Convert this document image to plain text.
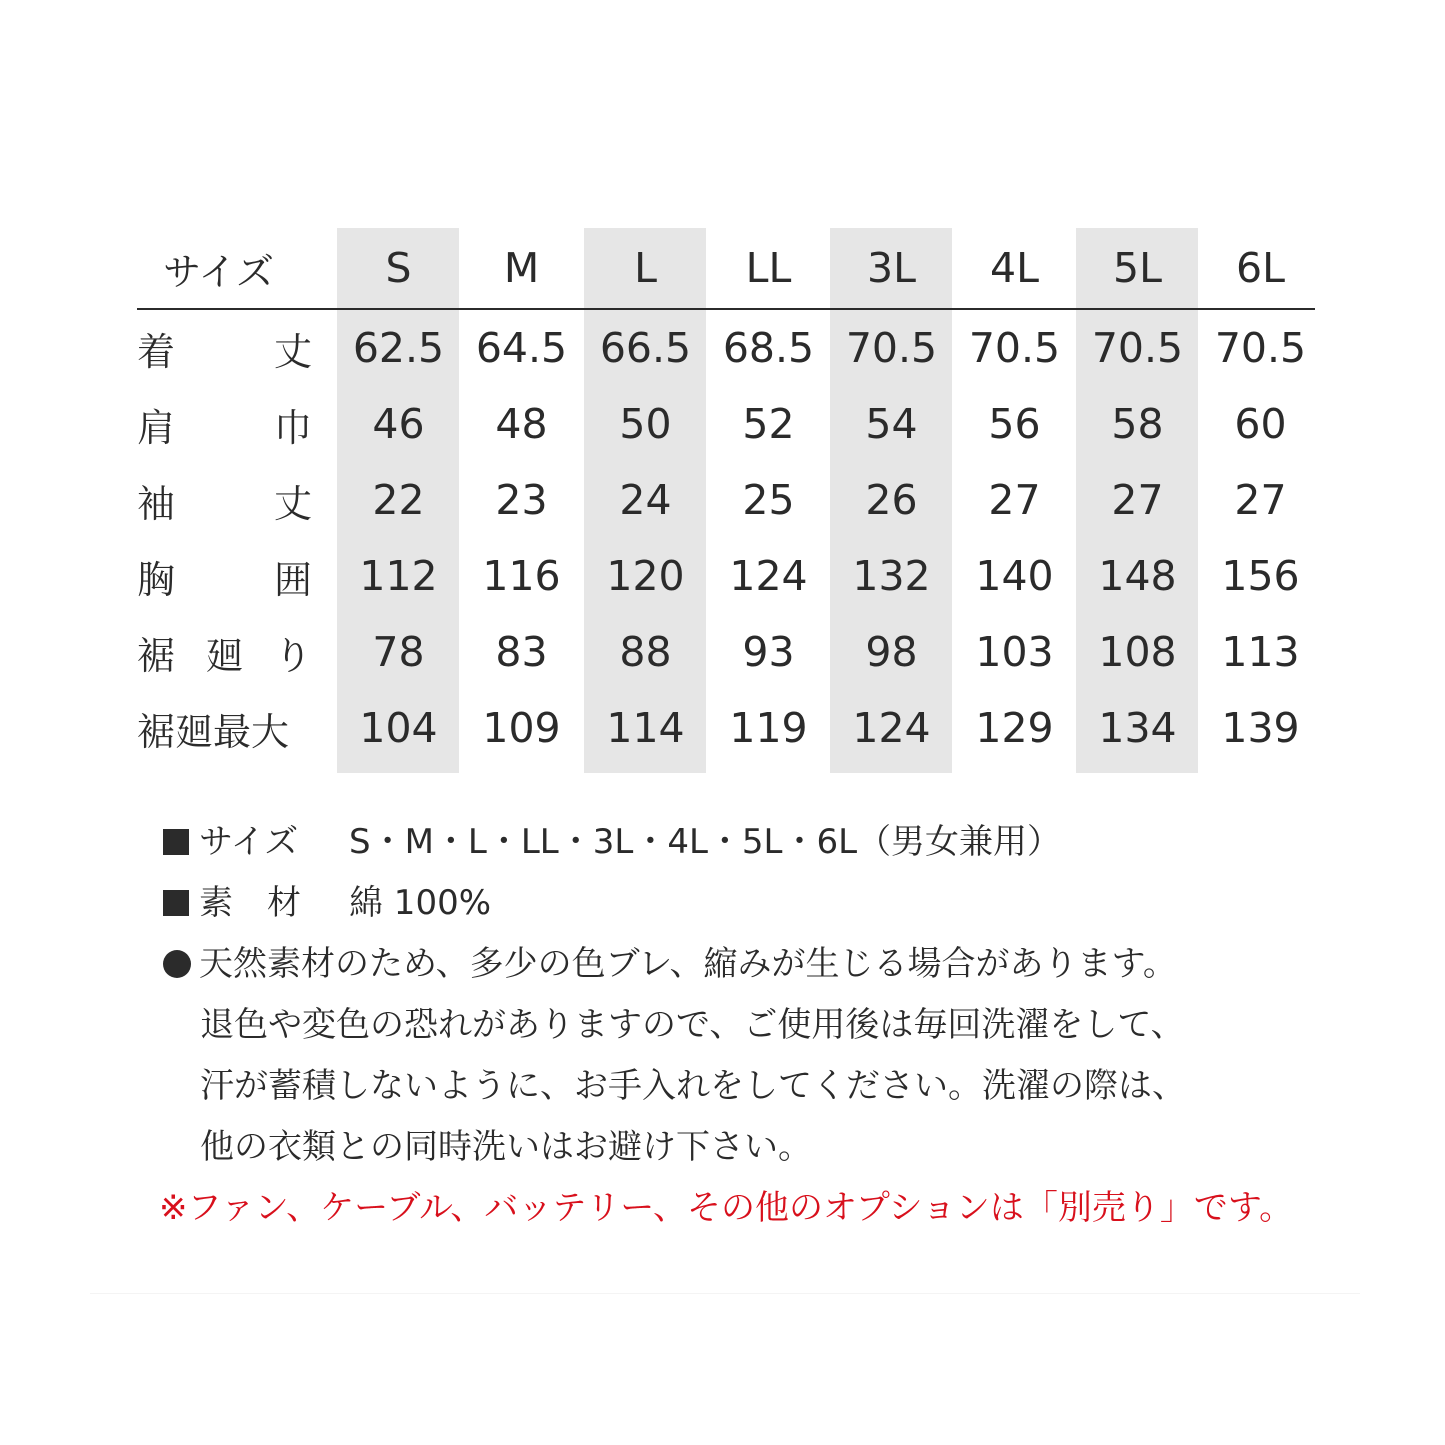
サイズ	S	M	L	LL	3L	4L	5L	6L
着	丈 62.5 64.5 66.5 68.5 70.5 70.5 70.5 70.5
肩	巾	46	48	50	52	54	56	58	60
袖	丈	22	23	24	25	26	27	27	27
胸	囲	112	116	120	124	132	140	148	156
裾 廻 り	78	83	88	93	98	103	108	113
裾廻最大	104	109	114	119	124	129	134	139
サイズ S・M・L・LL・3L・4L・5L・6L（男女兼用）
素　材 綿 100%
天然素材のため、多少の色ブレ、縮みが生じる場合があります。
退色や変色の恐れがありますので、ご使用後は毎回洗濯をして、
汗が蓄積しないように、お手入れをしてください。洗濯の際は、
他の衣類との同時洗いはお避け下さい。
※ファン、ケーブル、バッテリー、その他のオプションは「別売り」です。
